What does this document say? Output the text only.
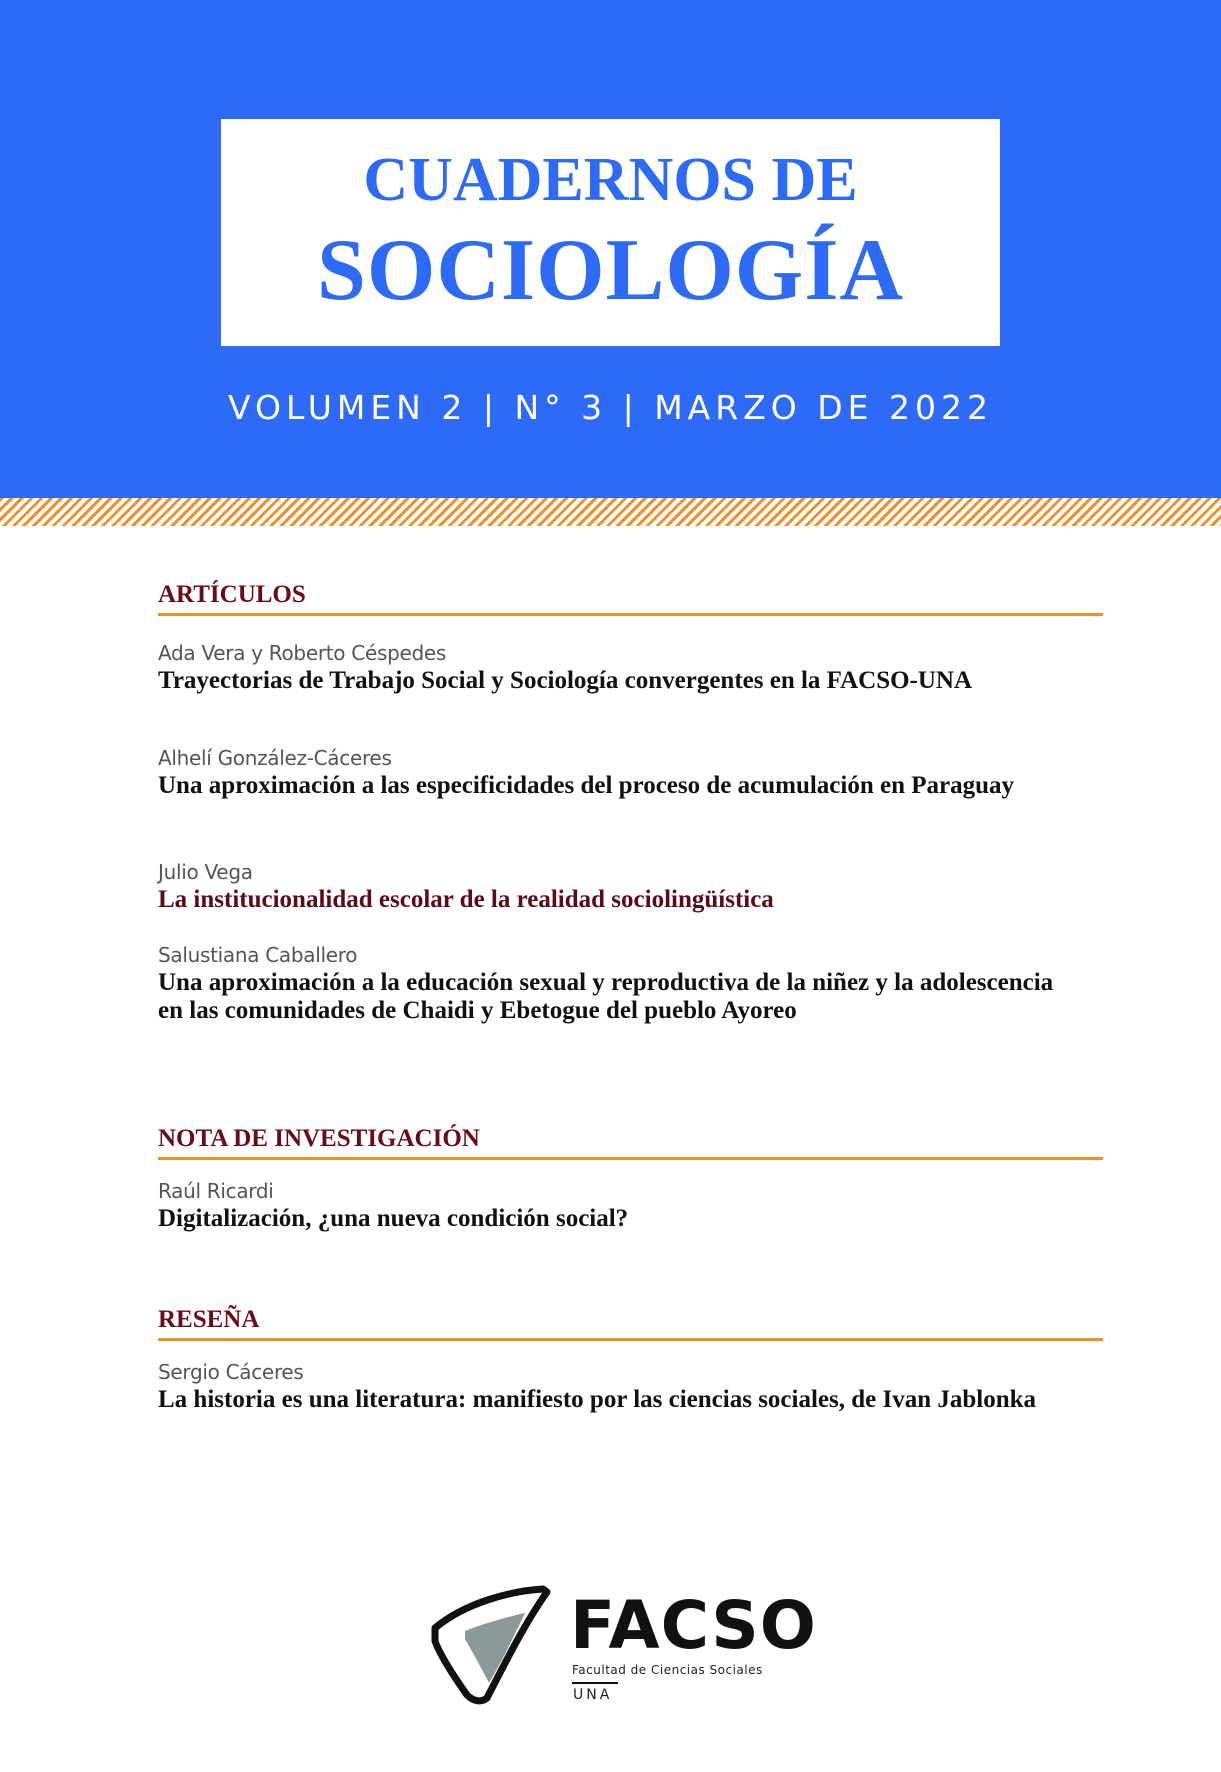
CUADERNOS DE
SOCIOLOGÍA
VOLUMEN 2 | N° 3 | MARZO DE 2022
ARTÍCULOS
Ada Vera y Roberto Céspedes
Trayectorias de Trabajo Social y Sociología convergentes en la FACSO-UNA
Alhelí González-Cáceres
Una aproximación a las especificidades del proceso de acumulación en Paraguay
Julio Vega
La institucionalidad escolar de la realidad sociolingüística
Salustiana Caballero
Una aproximación a la educación sexual y reproductiva de la niñez y la adolescencia en las comunidades de Chaidi y Ebetogue del pueblo Ayoreo
NOTA DE INVESTIGACIÓN
Raúl Ricardi
Digitalización, ¿una nueva condición social?
RESEÑA
Sergio Cáceres
La historia es una literatura: manifiesto por las ciencias sociales, de Ivan Jablonka
FACSO
Facultad de Ciencias Sociales
UNA
